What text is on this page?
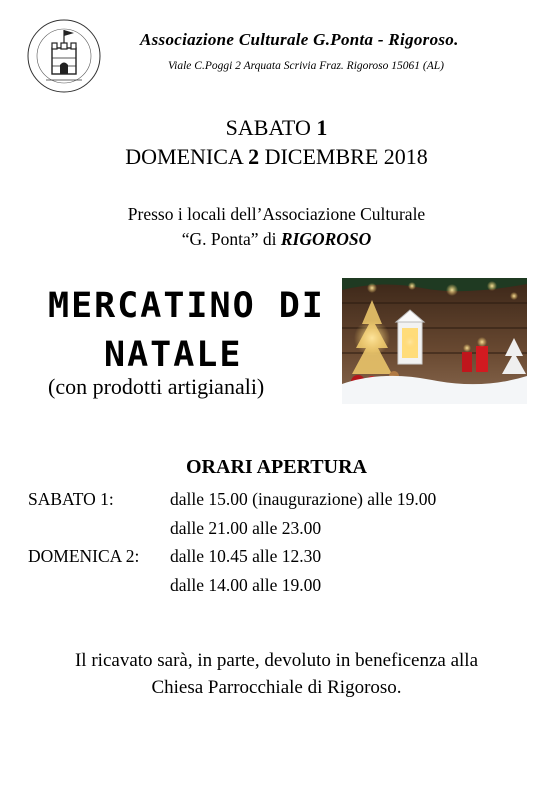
Associazione Culturale G.Ponta - Rigoroso.
Viale C.Poggi 2 Arquata Scrivia Fraz. Rigoroso 15061 (AL)
SABATO 1
DOMENICA 2 DICEMBRE 2018
Presso i locali dell’Associazione Culturale
“G. Ponta” di RIGOROSO
MERCATINO DI
NATALE
(con prodotti artigianali)
ORARI APERTURA
SABATO 1:	dalle 15.00 (inaugurazione) alle 19.00
dalle 21.00 alle 23.00
DOMENICA 2: dalle 10.45 alle 12.30
dalle 14.00 alle 19.00
Il ricavato sarà, in parte, devoluto in beneficenza alla
Chiesa Parrocchiale di Rigoroso.
